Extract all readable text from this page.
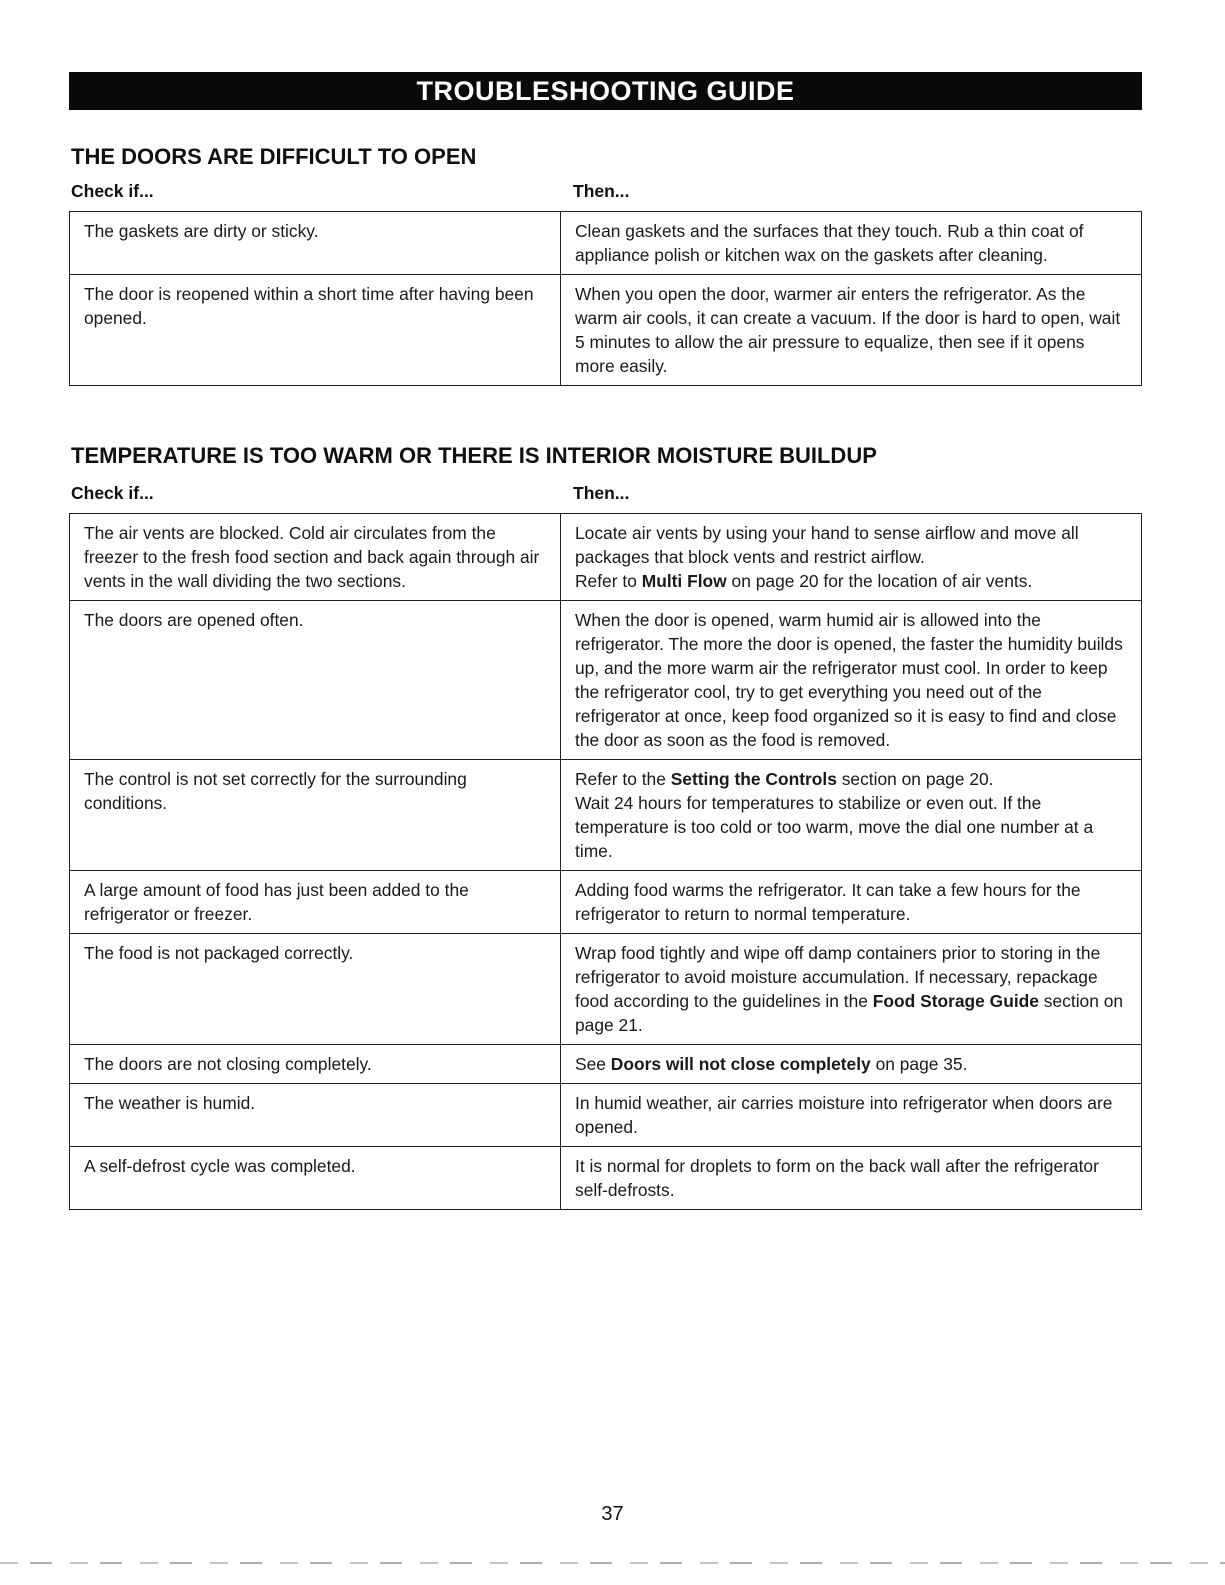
TROUBLESHOOTING GUIDE
THE DOORS ARE DIFFICULT TO OPEN
Check if...	Then...
The gaskets are dirty or sticky.	Clean gaskets and the surfaces that they touch. Rub a thin coat of appliance polish or kitchen wax on the gaskets after cleaning.
The door is reopened within a short time after having been opened.	When you open the door, warmer air enters the refrigerator. As the warm air cools, it can create a vacuum. If the door is hard to open, wait 5 minutes to allow the air pressure to equalize, then see if it opens more easily.
TEMPERATURE IS TOO WARM OR THERE IS INTERIOR MOISTURE BUILDUP
Check if...	Then...
The air vents are blocked. Cold air circulates from the freezer to the fresh food section and back again through air vents in the wall dividing the two sections.	Locate air vents by using your hand to sense airflow and move all packages that block vents and restrict airflow.
Refer to Multi Flow on page 20 for the location of air vents.
The doors are opened often.	When the door is opened, warm humid air is allowed into the refrigerator. The more the door is opened, the faster the humidity builds up, and the more warm air the refrigerator must cool. In order to keep the refrigerator cool, try to get everything you need out of the refrigerator at once, keep food organized so it is easy to find and close the door as soon as the food is removed.
The control is not set correctly for the surrounding conditions.	Refer to the Setting the Controls section on page 20.
Wait 24 hours for temperatures to stabilize or even out. If the temperature is too cold or too warm, move the dial one number at a time.
A large amount of food has just been added to the refrigerator or freezer.	Adding food warms the refrigerator. It can take a few hours for the refrigerator to return to normal temperature.
The food is not packaged correctly.	Wrap food tightly and wipe off damp containers prior to storing in the refrigerator to avoid moisture accumulation. If necessary, repackage food according to the guidelines in the Food Storage Guide section on page 21.
The doors are not closing completely.	See Doors will not close completely on page 35.
The weather is humid.	In humid weather, air carries moisture into refrigerator when doors are opened.
A self-defrost cycle was completed.	It is normal for droplets to form on the back wall after the refrigerator self-defrosts.
37
